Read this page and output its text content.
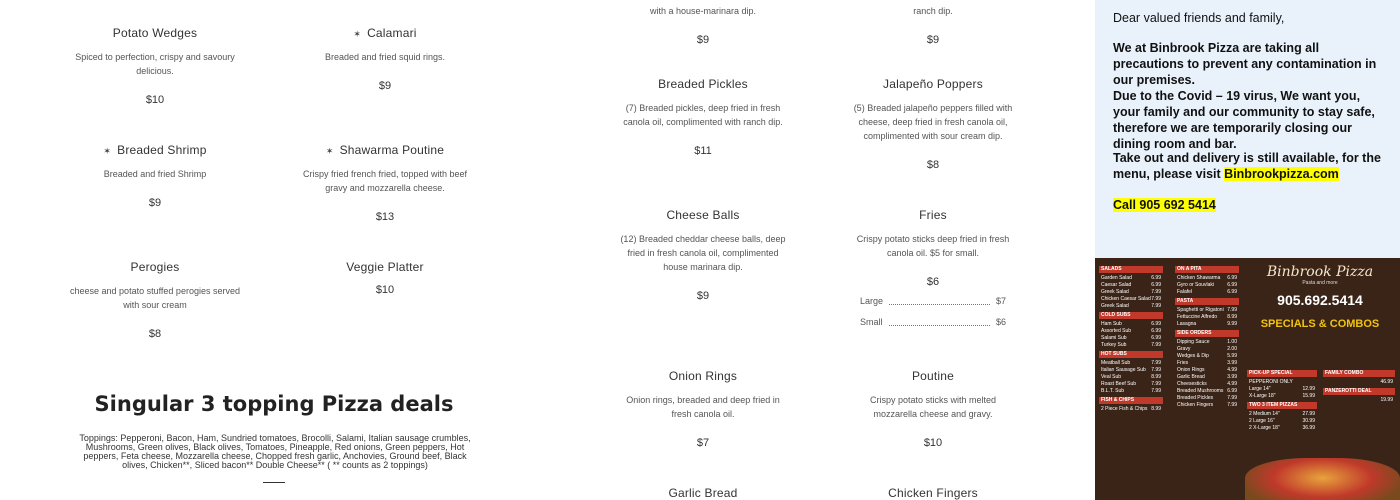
Potato Wedges
Spiced to perfection, crispy and savoury delicious.
$10
✶ Calamari
Breaded and fried squid rings.
$9
✶ Breaded Shrimp
Breaded and fried Shrimp
$9
✶ Shawarma Poutine
Crispy fried french fried, topped with beef gravy and mozzarella cheese.
$13
Perogies
cheese and potato stuffed perogies served with sour cream
$8
Veggie Platter
$10
Singular 3 topping Pizza deals
Toppings: Pepperoni, Bacon, Ham, Sundried tomatoes, Brocolli, Salami, Italian sausage crumbles, Mushrooms, Green olives, Black olives, Tomatoes, Pineapple, Red onions, Green peppers, Hot peppers, Feta cheese, Mozzarella cheese, Chopped fresh garlic, Anchovies, Ground beef, Black olives, Chicken**, Sliced bacon** Double Cheese** ( ** counts as 2 toppings)
with a house-marinara dip.
$9
ranch dip.
$9
Breaded Pickles
(7) Breaded pickles, deep fried in fresh canola oil, complimented with ranch dip.
$11
Jalapeño Poppers
(5) Breaded jalapeño peppers filled with cheese, deep fried in fresh canola oil, complimented with sour cream dip.
$8
Cheese Balls
(12) Breaded cheddar cheese balls, deep fried in fresh canola oil, complimented house marinara dip.
$9
Fries
Crispy potato sticks deep fried in fresh canola oil. $5 for small.
$6
Large	$7
Small	$6
Onion Rings
Onion rings, breaded and deep fried in fresh canola oil.
$7
Poutine
Crispy potato sticks with melted mozzarella cheese and gravy.
$10
Garlic Bread	Chicken Fingers

Dear valued friends and family,

We at Binbrook Pizza are taking all precautions to prevent any contamination in our premises.

Due to the Covid – 19 virus, We want you, your family and our community to stay safe, therefore we are temporarily closing our dining room and bar.

Take out and delivery is still available, for the menu, please visit Binbrookpizza.com

Call 905 692 5414

SALADS
Garden Salad	6.99
Caesar Salad	6.99
Greek Salad	7.99
Chicken Caesar Salad 7.99
Greek Salad	7.99
COLD SUBS
Ham Sub	6.99
Assorted Sub	6.99
Salami Sub	6.99
Turkey Sub	7.99
HOT SUBS
Meatball Sub	7.99
Italian Sausage Sub 7.99
Veal Sub	8.99
Roast Beef Sub	7.99
B.L.T. Sub	7.99
FISH & CHIPS
2 Piece Fish & Chips 8.99
ON A PITA
Chicken Shawarma 6.99
Gyro or Souvlaki	6.99
Falafel	6.99
PASTA
Spaghetti or Rigatoni 7.99
Fettuccine Alfredo 8.99
Lasagna	9.99
SIDE ORDERS
Dipping Sauce	1.00
Gravy	2.00
Wedges & Dip	5.99
Fries	3.99
Onion Rings	4.99
Garlic Bread	3.99
Cheesesticks	4.99
Breaded Mushrooms 6.99
Breaded Pickles	7.99
Chicken Fingers	7.99
Binbrook Pizza
Pasta and more
905.692.5414
SPECIALS & COMBOS
PICK-UP SPECIAL
PEPPERONI ONLY
Large 14"	12.99
X-Large 18"	15.99
TWO 3 ITEM PIZZAS
2 Medium 14"	27.99
2 Large 16"	30.99
2 X-Large 18"	36.99
FAMILY COMBO
46.99
PANZEROTTI DEAL
19.99
